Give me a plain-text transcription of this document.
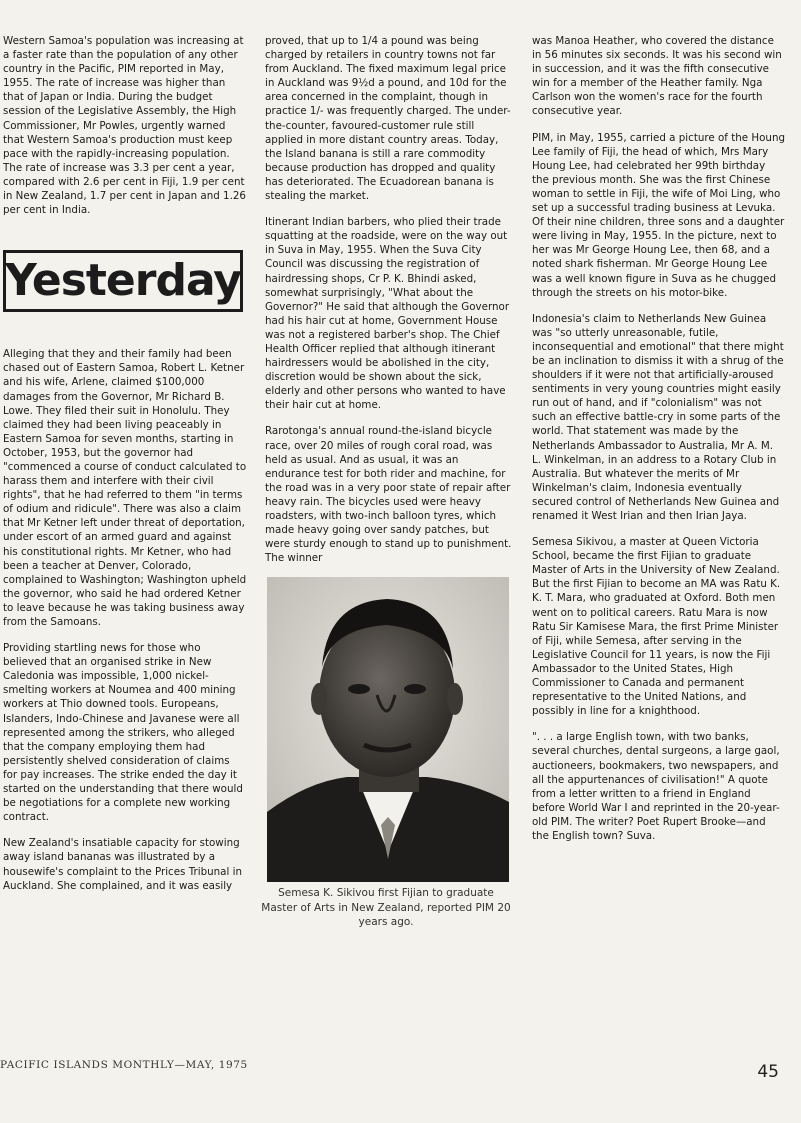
Western Samoa's population was increasing at a faster rate than the population of any other country in the Pacific, PIM reported in May, 1955. The rate of increase was higher than that of Japan or India. During the budget session of the Legislative Assembly, the High Commissioner, Mr Powles, urgently warned that Western Samoa's production must keep pace with the rapidly-increasing population. The rate of increase was 3.3 per cent a year, compared with 2.6 per cent in Fiji, 1.9 per cent in New Zealand, 1.7 per cent in Japan and 1.26 per cent in India.

Yesterday

Alleging that they and their family had been chased out of Eastern Samoa, Robert L. Ketner and his wife, Arlene, claimed $100,000 damages from the Governor, Mr Richard B. Lowe. They filed their suit in Honolulu. They claimed they had been living peaceably in Eastern Samoa for seven months, starting in October, 1953, but the governor had "commenced a course of conduct calculated to harass them and interfere with their civil rights", that he had referred to them "in terms of odium and ridicule". There was also a claim that Mr Ketner left under threat of deportation, under escort of an armed guard and against his constitutional rights. Mr Ketner, who had been a teacher at Denver, Colorado, complained to Washington; Washington upheld the governor, who said he had ordered Ketner to leave because he was taking business away from the Samoans.

Providing startling news for those who believed that an organised strike in New Caledonia was impossible, 1,000 nickel-smelting workers at Noumea and 400 mining workers at Thio downed tools. Europeans, Islanders, Indo-Chinese and Javanese were all represented among the strikers, who alleged that the company employing them had persistently shelved consideration of claims for pay increases. The strike ended the day it started on the understanding that there would be negotiations for a complete new working contract.

New Zealand's insatiable capacity for stowing away island bananas was illustrated by a housewife's complaint to the Prices Tribunal in Auckland. She complained, and it was easily

proved, that up to 1/4 a pound was being charged by retailers in country towns not far from Auckland. The fixed maximum legal price in Auckland was 9½d a pound, and 10d for the area concerned in the complaint, though in practice 1/- was frequently charged. The under-the-counter, favoured-customer rule still applied in more distant country areas. Today, the Island banana is still a rare commodity because production has dropped and quality has deteriorated. The Ecuadorean banana is stealing the market.

Itinerant Indian barbers, who plied their trade squatting at the roadside, were on the way out in Suva in May, 1955. When the Suva City Council was discussing the registration of hairdressing shops, Cr P. K. Bhindi asked, somewhat surprisingly, "What about the Governor?" He said that although the Governor had his hair cut at home, Government House was not a registered barber's shop. The Chief Health Officer replied that although itinerant hairdressers would be abolished in the city, discretion would be shown about the sick, elderly and other persons who wanted to have their hair cut at home.

Rarotonga's annual round-the-island bicycle race, over 20 miles of rough coral road, was held as usual. And as usual, it was an endurance test for both rider and machine, for the road was in a very poor state of repair after heavy rain. The bicycles used were heavy roadsters, with two-inch balloon tyres, which made heavy going over sandy patches, but were sturdy enough to stand up to punishment. The winner

Semesa K. Sikivou first Fijian to graduate Master of Arts in New Zealand, reported PIM 20 years ago.

was Manoa Heather, who covered the distance in 56 minutes six seconds. It was his second win in succession, and it was the fifth consecutive win for a member of the Heather family. Nga Carlson won the women's race for the fourth consecutive year.

PIM, in May, 1955, carried a picture of the Houng Lee family of Fiji, the head of which, Mrs Mary Houng Lee, had celebrated her 99th birthday the previous month. She was the first Chinese woman to settle in Fiji, the wife of Moi Ling, who set up a successful trading business at Levuka. Of their nine children, three sons and a daughter were living in May, 1955. In the picture, next to her was Mr George Houng Lee, then 68, and a noted shark fisherman. Mr George Houng Lee was a well known figure in Suva as he chugged through the streets on his motor-bike.

Indonesia's claim to Netherlands New Guinea was "so utterly unreasonable, futile, inconsequential and emotional" that there might be an inclination to dismiss it with a shrug of the shoulders if it were not that artificially-aroused sentiments in very young countries might easily run out of hand, and if "colonialism" was not such an effective battle-cry in some parts of the world. That statement was made by the Netherlands Ambassador to Australia, Mr A. M. L. Winkelman, in an address to a Rotary Club in Australia. But whatever the merits of Mr Winkelman's claim, Indonesia eventually secured control of Netherlands New Guinea and renamed it West Irian and then Irian Jaya.

Semesa Sikivou, a master at Queen Victoria School, became the first Fijian to graduate Master of Arts in the University of New Zealand. But the first Fijian to become an MA was Ratu K. K. T. Mara, who graduated at Oxford. Both men went on to political careers. Ratu Mara is now Ratu Sir Kamisese Mara, the first Prime Minister of Fiji, while Semesa, after serving in the Legislative Council for 11 years, is now the Fiji Ambassador to the United States, High Commissioner to Canada and permanent representative to the United Nations, and possibly in line for a knighthood.

". . . a large English town, with two banks, several churches, dental surgeons, a large gaol, auctioneers, bookmakers, two newspapers, and all the appurtenances of civilisation!" A quote from a letter written to a friend in England before World War I and reprinted in the 20-year-old PIM. The writer? Poet Rupert Brooke—and the English town? Suva.

PACIFIC ISLANDS MONTHLY—MAY, 1975	45
